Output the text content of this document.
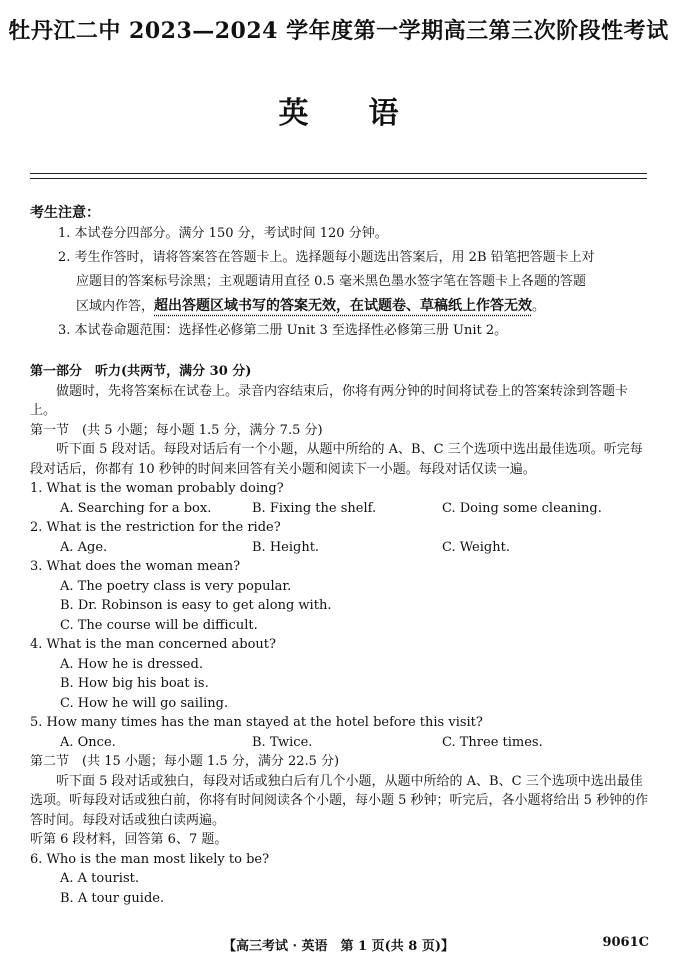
牡丹江二中 2023—2024 学年度第一学期高三第三次阶段性考试
英语
考生注意：
1. 本试卷分四部分。满分 150 分，考试时间 120 分钟。
2. 考生作答时，请将答案答在答题卡上。选择题每小题选出答案后，用 2B 铅笔把答题卡上对
应题目的答案标号涂黑；主观题请用直径 0.5 毫米黑色墨水签字笔在答题卡上各题的答题
区域内作答，超出答题区域书写的答案无效，在试题卷、草稿纸上作答无效。
3. 本试卷命题范围：选择性必修第二册 Unit 3 至选择性必修第三册 Unit 2。
第一部分　听力(共两节，满分 30 分)
做题时，先将答案标在试卷上。录音内容结束后，你将有两分钟的时间将试卷上的答案转涂到答题卡上。
第一节　(共 5 小题；每小题 1.5 分，满分 7.5 分)
听下面 5 段对话。每段对话后有一个小题，从题中所给的 A、B、C 三个选项中选出最佳选项。听完每段对话后，你都有 10 秒钟的时间来回答有关小题和阅读下一小题。每段对话仅读一遍。
1. What is the woman probably doing?
A. Searching for a box.	B. Fixing the shelf.	C. Doing some cleaning.
2. What is the restriction for the ride?
A. Age.	B. Height.	C. Weight.
3. What does the woman mean?
A. The poetry class is very popular.
B. Dr. Robinson is easy to get along with.
C. The course will be difficult.
4. What is the man concerned about?
A. How he is dressed.
B. How big his boat is.
C. How he will go sailing.
5. How many times has the man stayed at the hotel before this visit?
A. Once.	B. Twice.	C. Three times.
第二节　(共 15 小题；每小题 1.5 分，满分 22.5 分)
听下面 5 段对话或独白，每段对话或独白后有几个小题，从题中所给的 A、B、C 三个选项中选出最佳选项。听每段对话或独白前，你将有时间阅读各个小题，每小题 5 秒钟；听完后，各小题将给出 5 秒钟的作答时间。每段对话或独白读两遍。
听第 6 段材料，回答第 6、7 题。
6. Who is the man most likely to be?
A. A tourist.
B. A tour guide.
【高三考试 · 英语　第 1 页(共 8 页)】	9061C
